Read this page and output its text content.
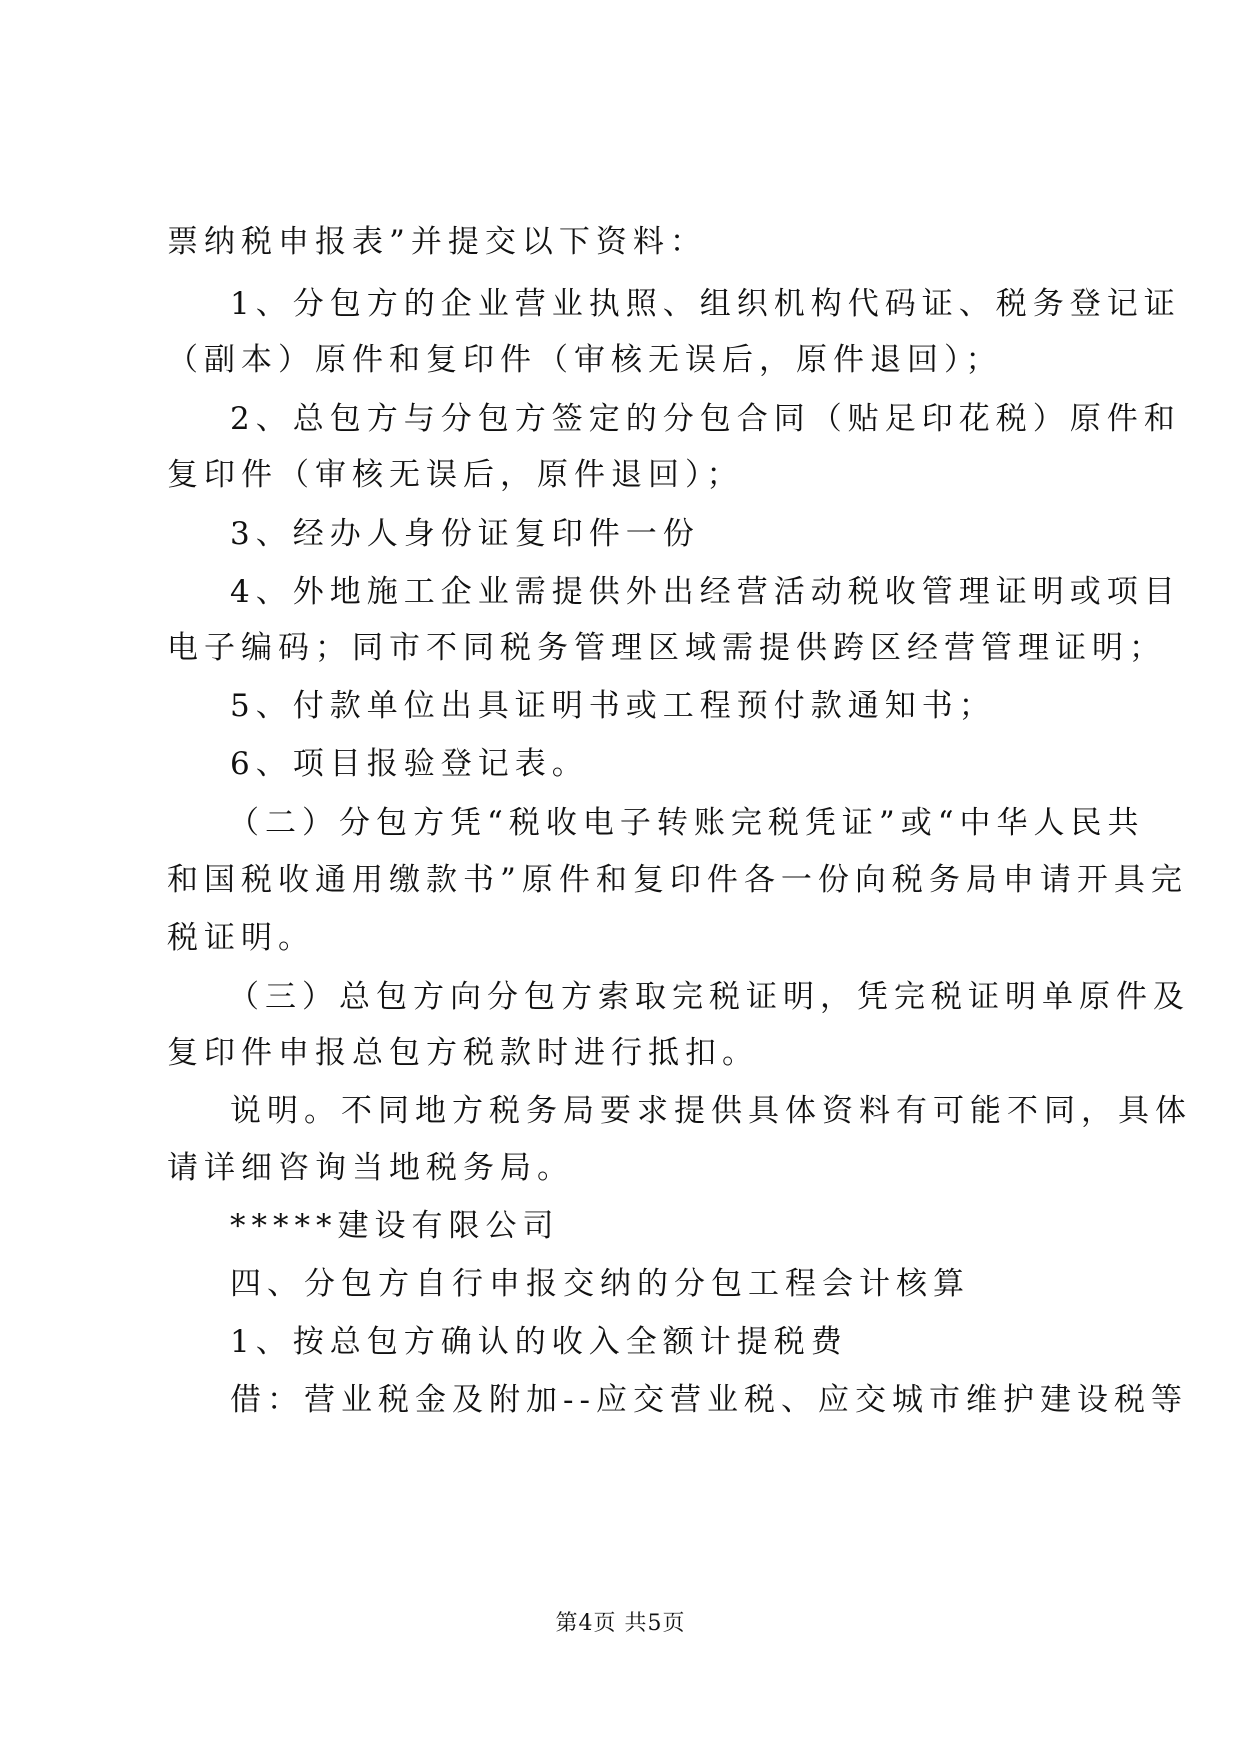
票纳税申报表”并提交以下资料：
1、分包方的企业营业执照、组织机构代码证、税务登记证
（副本）原件和复印件（审核无误后，原件退回）；
2、总包方与分包方签定的分包合同（贴足印花税）原件和
复印件（审核无误后，原件退回）；
3、经办人身份证复印件一份
4、外地施工企业需提供外出经营活动税收管理证明或项目
电子编码；同市不同税务管理区域需提供跨区经营管理证明；
5、付款单位出具证明书或工程预付款通知书；
6、项目报验登记表。
（二）分包方凭“税收电子转账完税凭证”或“中华人民共
和国税收通用缴款书”原件和复印件各一份向税务局申请开具完
税证明。
（三）总包方向分包方索取完税证明，凭完税证明单原件及
复印件申报总包方税款时进行抵扣。
说明。不同地方税务局要求提供具体资料有可能不同，具体
请详细咨询当地税务局。
*****建设有限公司
四、分包方自行申报交纳的分包工程会计核算
1、按总包方确认的收入全额计提税费
借：营业税金及附加--应交营业税、应交城市维护建设税等
第4页 共5页
